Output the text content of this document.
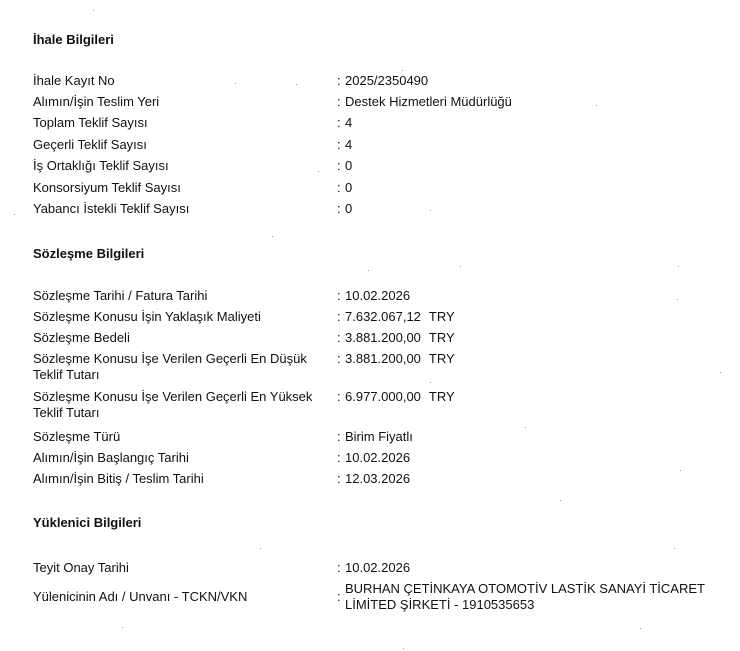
İhale Bilgileri
İhale Kayıt No	: 2025/2350490
Alımın/İşin Teslim Yeri	: Destek Hizmetleri Müdürlüğü
Toplam Teklif Sayısı	: 4
Geçerli Teklif Sayısı	: 4
İş Ortaklığı Teklif Sayısı	: 0
Konsorsiyum Teklif Sayısı	: 0
Yabancı İstekli Teklif Sayısı	: 0
Sözleşme Bilgileri
Sözleşme Tarihi / Fatura Tarihi	: 10.02.2026
Sözleşme Konusu İşin Yaklaşık Maliyeti	: 7.632.067,12 TRY
Sözleşme Bedeli	: 3.881.200,00 TRY
Sözleşme Konusu İşe Verilen Geçerli En Düşük Teklif Tutarı
: 3.881.200,00 TRY
Sözleşme Konusu İşe Verilen Geçerli En Yüksek Teklif Tutarı
: 6.977.000,00 TRY
Sözleşme Türü	: Birim Fiyatlı
Alımın/İşin Başlangıç Tarihi	: 10.02.2026
Alımın/İşin Bitiş / Teslim Tarihi	: 12.03.2026
Yüklenici Bilgileri
Teyit Onay Tarihi	: 10.02.2026
Yülenicinin Adı / Unvanı - TCKN/VKN	:
BURHAN ÇETİNKAYA OTOMOTİV LASTİK SANAYİ TİCARET LİMİTED ŞİRKETİ - 1910535653
